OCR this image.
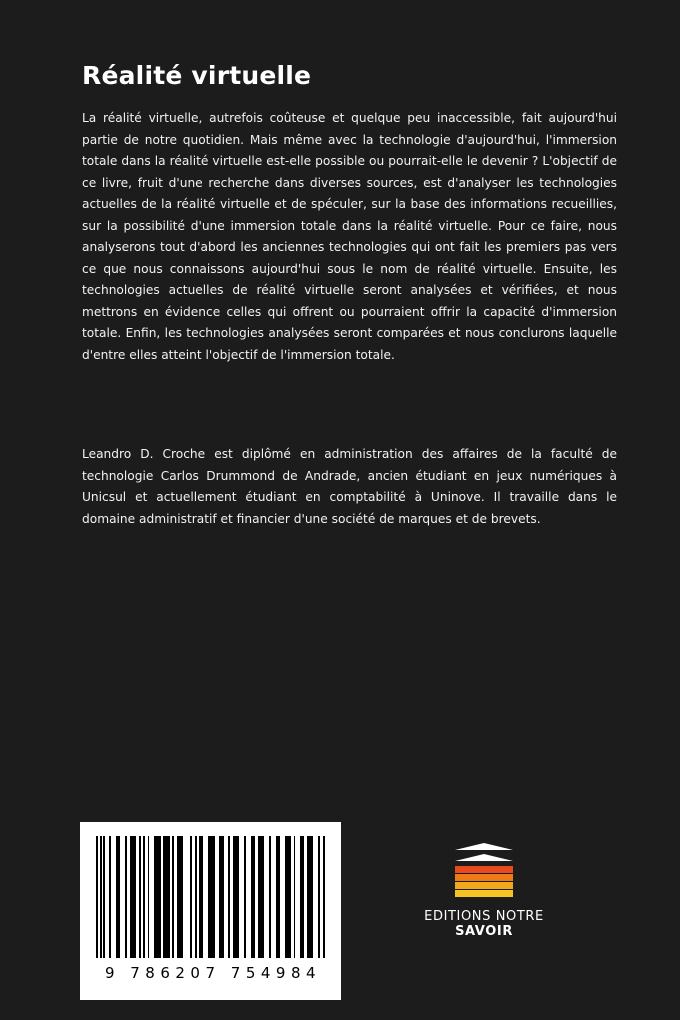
Réalité virtuelle

La réalité virtuelle, autrefois coûteuse et quelque peu inaccessible, fait aujourd'hui partie de notre quotidien. Mais même avec la technologie d'aujourd'hui, l'immersion totale dans la réalité virtuelle est-elle possible ou pourrait-elle le devenir ? L'objectif de ce livre, fruit d'une recherche dans diverses sources, est d'analyser les technologies actuelles de la réalité virtuelle et de spéculer, sur la base des informations recueillies, sur la possibilité d'une immersion totale dans la réalité virtuelle. Pour ce faire, nous analyserons tout d'abord les anciennes technologies qui ont fait les premiers pas vers ce que nous connaissons aujourd'hui sous le nom de réalité virtuelle. Ensuite, les technologies actuelles de réalité virtuelle seront analysées et vérifiées, et nous mettrons en évidence celles qui offrent ou pourraient offrir la capacité d'immersion totale. Enfin, les technologies analysées seront comparées et nous conclurons laquelle d'entre elles atteint l'objectif de l'immersion totale.

Leandro D. Croche est diplômé en administration des affaires de la faculté de technologie Carlos Drummond de Andrade, ancien étudiant en jeux numériques à Unicsul et actuellement étudiant en comptabilité à Uninove. Il travaille dans le domaine administratif et financier d'une société de marques et de brevets.

9 786207 754984
EDITIONS NOTRE SAVOIR
